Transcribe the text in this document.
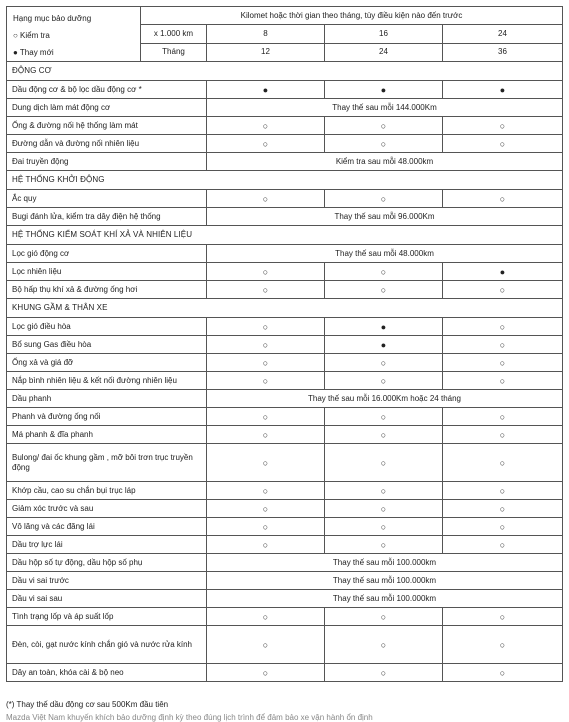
Hạng mục bảo dưỡng
○ Kiểm tra
● Thay mới	Kilomet hoặc thời gian theo tháng, tùy điều kiện nào đến trước			
	x 1.000 km	8	16	24
	Tháng	12	24	36
ĐỘNG CƠ				
Dầu động cơ & bộ lọc dầu động cơ *		●	●	●
Dung dịch làm mát động cơ		Thay thế sau mỗi 144.000Km		
Ống & đường nối hệ thống làm mát		○	○	○
Đường dẫn và đường nối nhiên liệu		○	○	○
Đai truyền động		Kiểm tra sau mỗi 48.000km		
HỆ THỐNG KHỞI ĐỘNG				
Ắc quy		○	○	○
Bugi đánh lửa, kiểm tra dây điện hệ thống		Thay thế sau mỗi 96.000Km		
HỆ THỐNG KIỂM SOÁT KHÍ XẢ VÀ NHIÊN LIỆU				
Lọc gió động cơ		Thay thế sau mỗi 48.000km		
Lọc nhiên liệu		○	○	●
Bộ hấp thụ khí xả & đường ống hơi		○	○	○
KHUNG GẦM & THÂN XE				
Lọc gió điều hòa		○	●	○
Bổ sung Gas điều hòa		○	●	○
Ống xả và giá đỡ		○	○	○
Nắp bình nhiên liệu & kết nối đường nhiên liệu		○	○	○
Dầu phanh		Thay thế sau mỗi 16.000Km hoặc 24 tháng		
Phanh và đường ống nối		○	○	○
Má phanh & đĩa phanh		○	○	○
Bulong/ đai ốc khung gầm , mỡ bôi trơn trục truyền động		○	○	○
Khớp cầu, cao su chắn bụi trục láp		○	○	○
Giảm xóc trước và sau		○	○	○
Vô lăng và các đăng lái		○	○	○
Dầu trợ lực lái		○	○	○
Dầu hộp số tự động, dầu hộp số phụ		Thay thế sau mỗi 100.000km		
Dầu vi sai trước		Thay thế sau mỗi 100.000km		
Dầu vi sai sau		Thay thế sau mỗi 100.000km		
Tình trạng lốp và áp suất lốp		○	○	○
Đèn, còi, gạt nước kính chắn gió và nước rửa kính		○	○	○
Dây an toàn, khóa cài & bộ neo		○	○	○
(*) Thay thế dầu động cơ sau 500Km đầu tiên
Mazda Việt Nam khuyến khích bảo dưỡng định kỳ theo đúng lịch trình để đảm bảo xe vận hành ổn định
